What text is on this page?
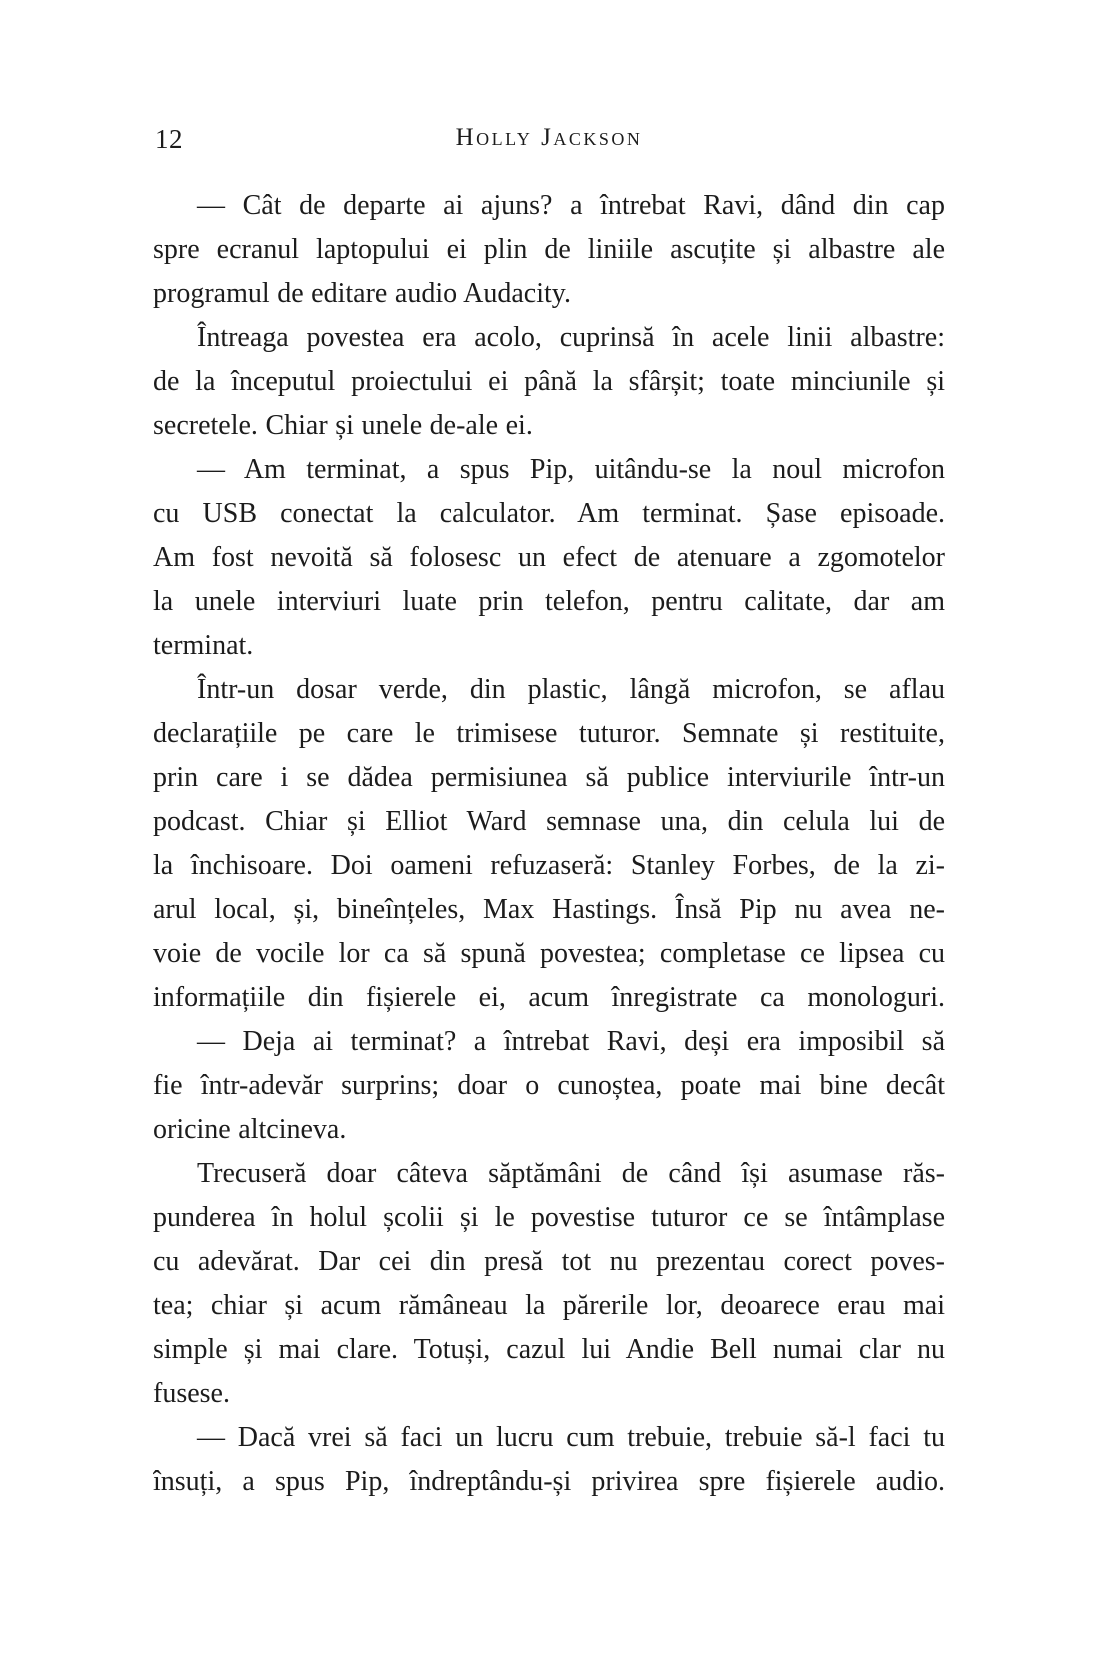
12	Holly Jackson
— Cât de departe ai ajuns? a întrebat Ravi, dând din cap
spre ecranul laptopului ei plin de liniile ascuțite și albastre ale
programul de editare audio Audacity.
Întreaga povestea era acolo, cuprinsă în acele linii albastre:
de la începutul proiectului ei până la sfârșit; toate minciunile și
secretele. Chiar și unele de-ale ei.
— Am terminat, a spus Pip, uitându-se la noul microfon
cu USB conectat la calculator. Am terminat. Șase episoade.
Am fost nevoită să folosesc un efect de atenuare a zgomotelor
la unele interviuri luate prin telefon, pentru calitate, dar am
terminat.
Într-un dosar verde, din plastic, lângă microfon, se aflau
declarațiile pe care le trimisese tuturor. Semnate și restituite,
prin care i se dădea permisiunea să publice interviurile într-un
podcast. Chiar și Elliot Ward semnase una, din celula lui de
la închisoare. Doi oameni refuzaseră: Stanley Forbes, de la zi-
arul local, și, bineînțeles, Max Hastings. Însă Pip nu avea ne-
voie de vocile lor ca să spună povestea; completase ce lipsea cu
informațiile din fișierele ei, acum înregistrate ca monologuri.
— Deja ai terminat? a întrebat Ravi, deși era imposibil să
fie într-adevăr surprins; doar o cunoștea, poate mai bine decât
oricine altcineva.
Trecuseră doar câteva săptămâni de când își asumase răs-
punderea în holul școlii și le povestise tuturor ce se întâmplase
cu adevărat. Dar cei din presă tot nu prezentau corect poves-
tea; chiar și acum rămâneau la părerile lor, deoarece erau mai
simple și mai clare. Totuși, cazul lui Andie Bell numai clar nu
fusese.
— Dacă vrei să faci un lucru cum trebuie, trebuie să-l faci tu
însuți, a spus Pip, îndreptându-și privirea spre fișierele audio.
